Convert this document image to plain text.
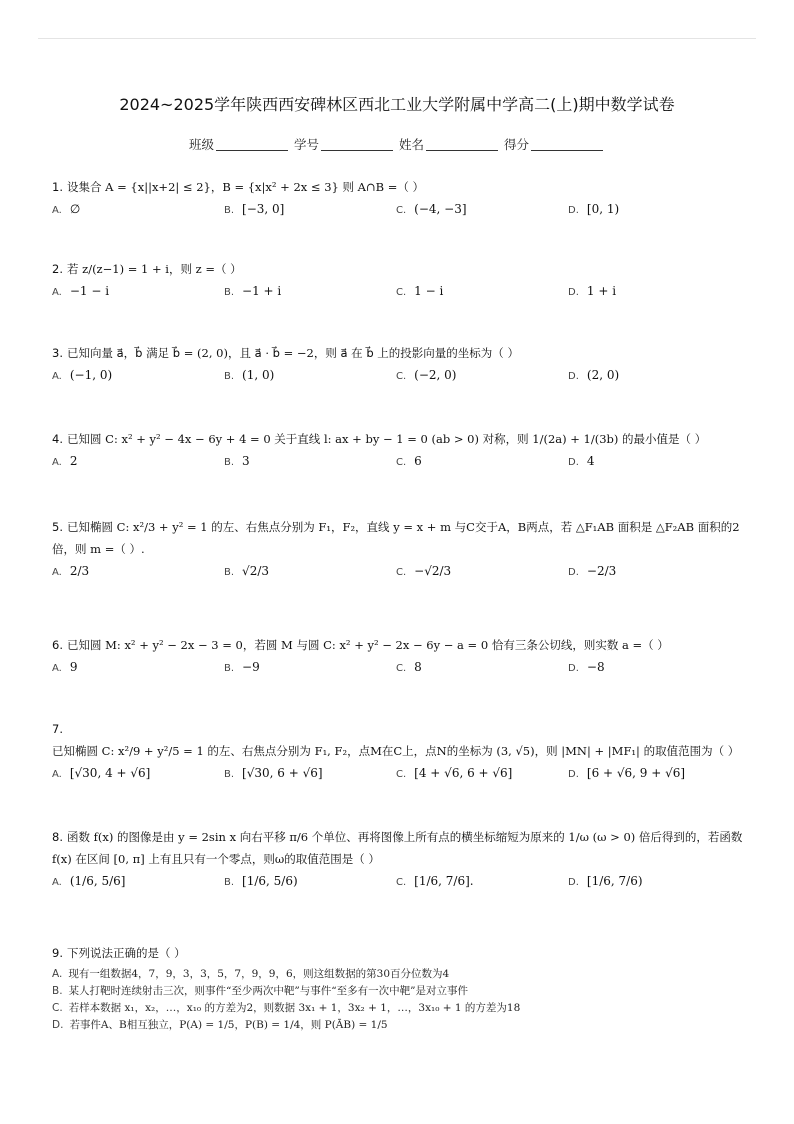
2024~2025学年陕西西安碑林区西北工业大学附属中学高二(上)期中数学试卷
班级	学号	姓名	得分
1. 设集合 A = {x||x+2| ≤ 2}，B = {x|x² + 2x ≤ 3} 则 A∩B =（ ）
A. ∅	B. [−3, 0]	C. (−4, −3]	D. [0, 1)
2. 若 z/(z−1) = 1 + i，则 z =（ ）
A. −1 − i	B. −1 + i	C. 1 − i	D. 1 + i
3. 已知向量 a⃗，b⃗ 满足 b⃗ = (2, 0)，且 a⃗ · b⃗ = −2，则 a⃗ 在 b⃗ 上的投影向量的坐标为（ ）
A. (−1, 0)	B. (1, 0)	C. (−2, 0)	D. (2, 0)
4. 已知圆 C: x² + y² − 4x − 6y + 4 = 0 关于直线 l: ax + by − 1 = 0 (ab > 0) 对称，则 1/(2a) + 1/(3b) 的最小值是（ ）
A. 2	B. 3	C. 6	D. 4
5. 已知椭圆 C: x²/3 + y² = 1 的左、右焦点分别为 F₁，F₂，直线 y = x + m 与C交于A，B两点，若 △F₁AB 面积是 △F₂AB 面积的2倍，则 m =（ ）.
A. 2/3	B. √2/3	C. −√2/3	D. −2/3
6. 已知圆 M: x² + y² − 2x − 3 = 0，若圆 M 与圆 C: x² + y² − 2x − 6y − a = 0 恰有三条公切线，则实数 a =（ ）
A. 9	B. −9	C. 8	D. −8
7.已知椭圆 C: x²/9 + y²/5 = 1 的左、右焦点分别为 F₁, F₂，点M在C上，点N的坐标为 (3, √5)，则 |MN| + |MF₁| 的取值范围为（ ）
A. [√30, 4 + √6]	B. [√30, 6 + √6]	C. [4 + √6, 6 + √6]	D. [6 + √6, 9 + √6]
8. 函数 f(x) 的图像是由 y = 2sin x 向右平移 π/6 个单位、再将图像上所有点的横坐标缩短为原来的 1/ω (ω > 0) 倍后得到的，若函数 f(x) 在区间 [0, π] 上有且只有一个零点，则ω的取值范围是（ ）
A. (1/6, 5/6]	B. [1/6, 5/6)	C. [1/6, 7/6].	D. [1/6, 7/6)
9. 下列说法正确的是（ ）
A. 现有一组数据4，7，9，3，3，5，7，9，9，6，则这组数据的第30百分位数为4
B. 某人打靶时连续射击三次，则事件“至少两次中靶”与事件“至多有一次中靶”是对立事件
C. 若样本数据 x₁，x₂，…，x₁₀ 的方差为2，则数据 3x₁ + 1，3x₂ + 1，…，3x₁₀ + 1 的方差为18
D. 若事件A、B相互独立，P(A) = 1/5，P(B) = 1/4，则 P(ĀB) = 1/5
